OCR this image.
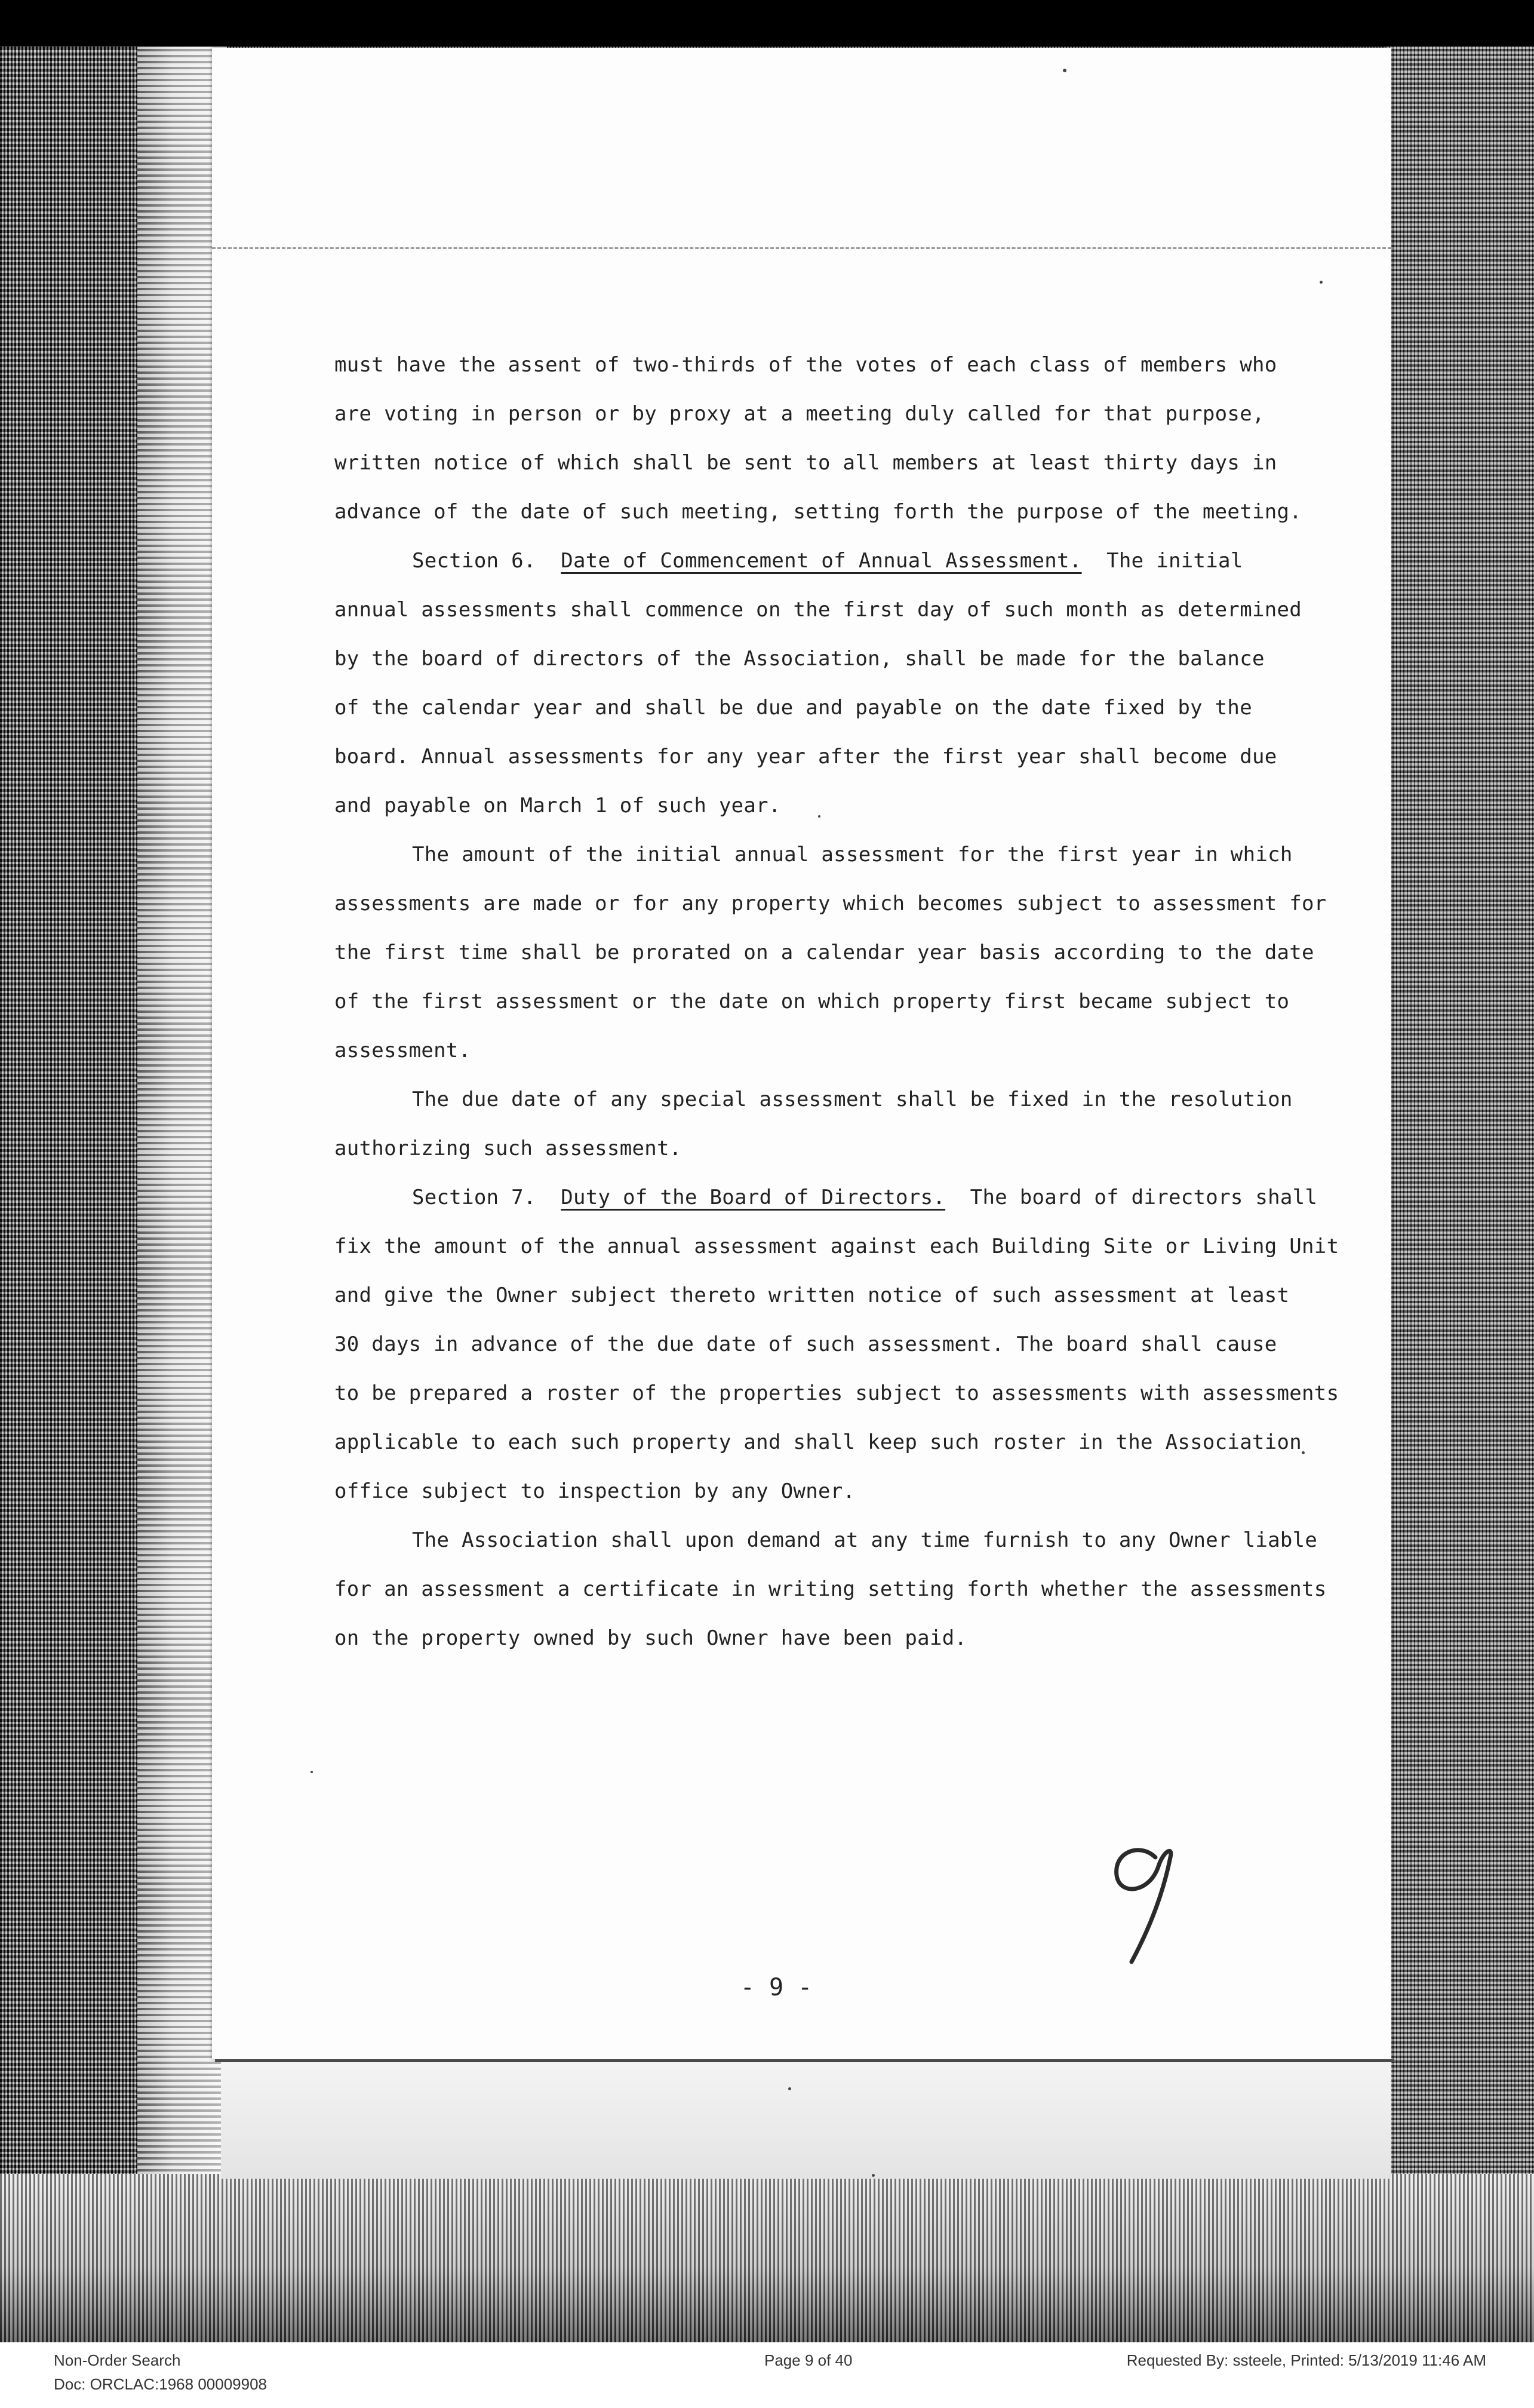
must have the assent of two-thirds of the votes of each class of members who
are voting in person or by proxy at a meeting duly called for that purpose,
written notice of which shall be sent to all members at least thirty days in
advance of the date of such meeting, setting forth the purpose of the meeting.

Section 6. Date of Commencement of Annual Assessment. The initial
annual assessments shall commence on the first day of such month as determined
by the board of directors of the Association, shall be made for the balance
of the calendar year and shall be due and payable on the date fixed by the
board. Annual assessments for any year after the first year shall become due
and payable on March 1 of such year.

The amount of the initial annual assessment for the first year in which
assessments are made or for any property which becomes subject to assessment for
the first time shall be prorated on a calendar year basis according to the date
of the first assessment or the date on which property first became subject to
assessment.

The due date of any special assessment shall be fixed in the resolution
authorizing such assessment.

Section 7. Duty of the Board of Directors. The board of directors shall
fix the amount of the annual assessment against each Building Site or Living Unit
and give the Owner subject thereto written notice of such assessment at least
30 days in advance of the due date of such assessment. The board shall cause
to be prepared a roster of the properties subject to assessments with assessments
applicable to each such property and shall keep such roster in the Association
office subject to inspection by any Owner.

The Association shall upon demand at any time furnish to any Owner liable
for an assessment a certificate in writing setting forth whether the assessments
on the property owned by such Owner have been paid.

- 9 -
Non-Order Search
Doc: ORCLAC:1968 00009908
Page 9 of 40	Requested By: ssteele, Printed: 5/13/2019 11:46 AM
